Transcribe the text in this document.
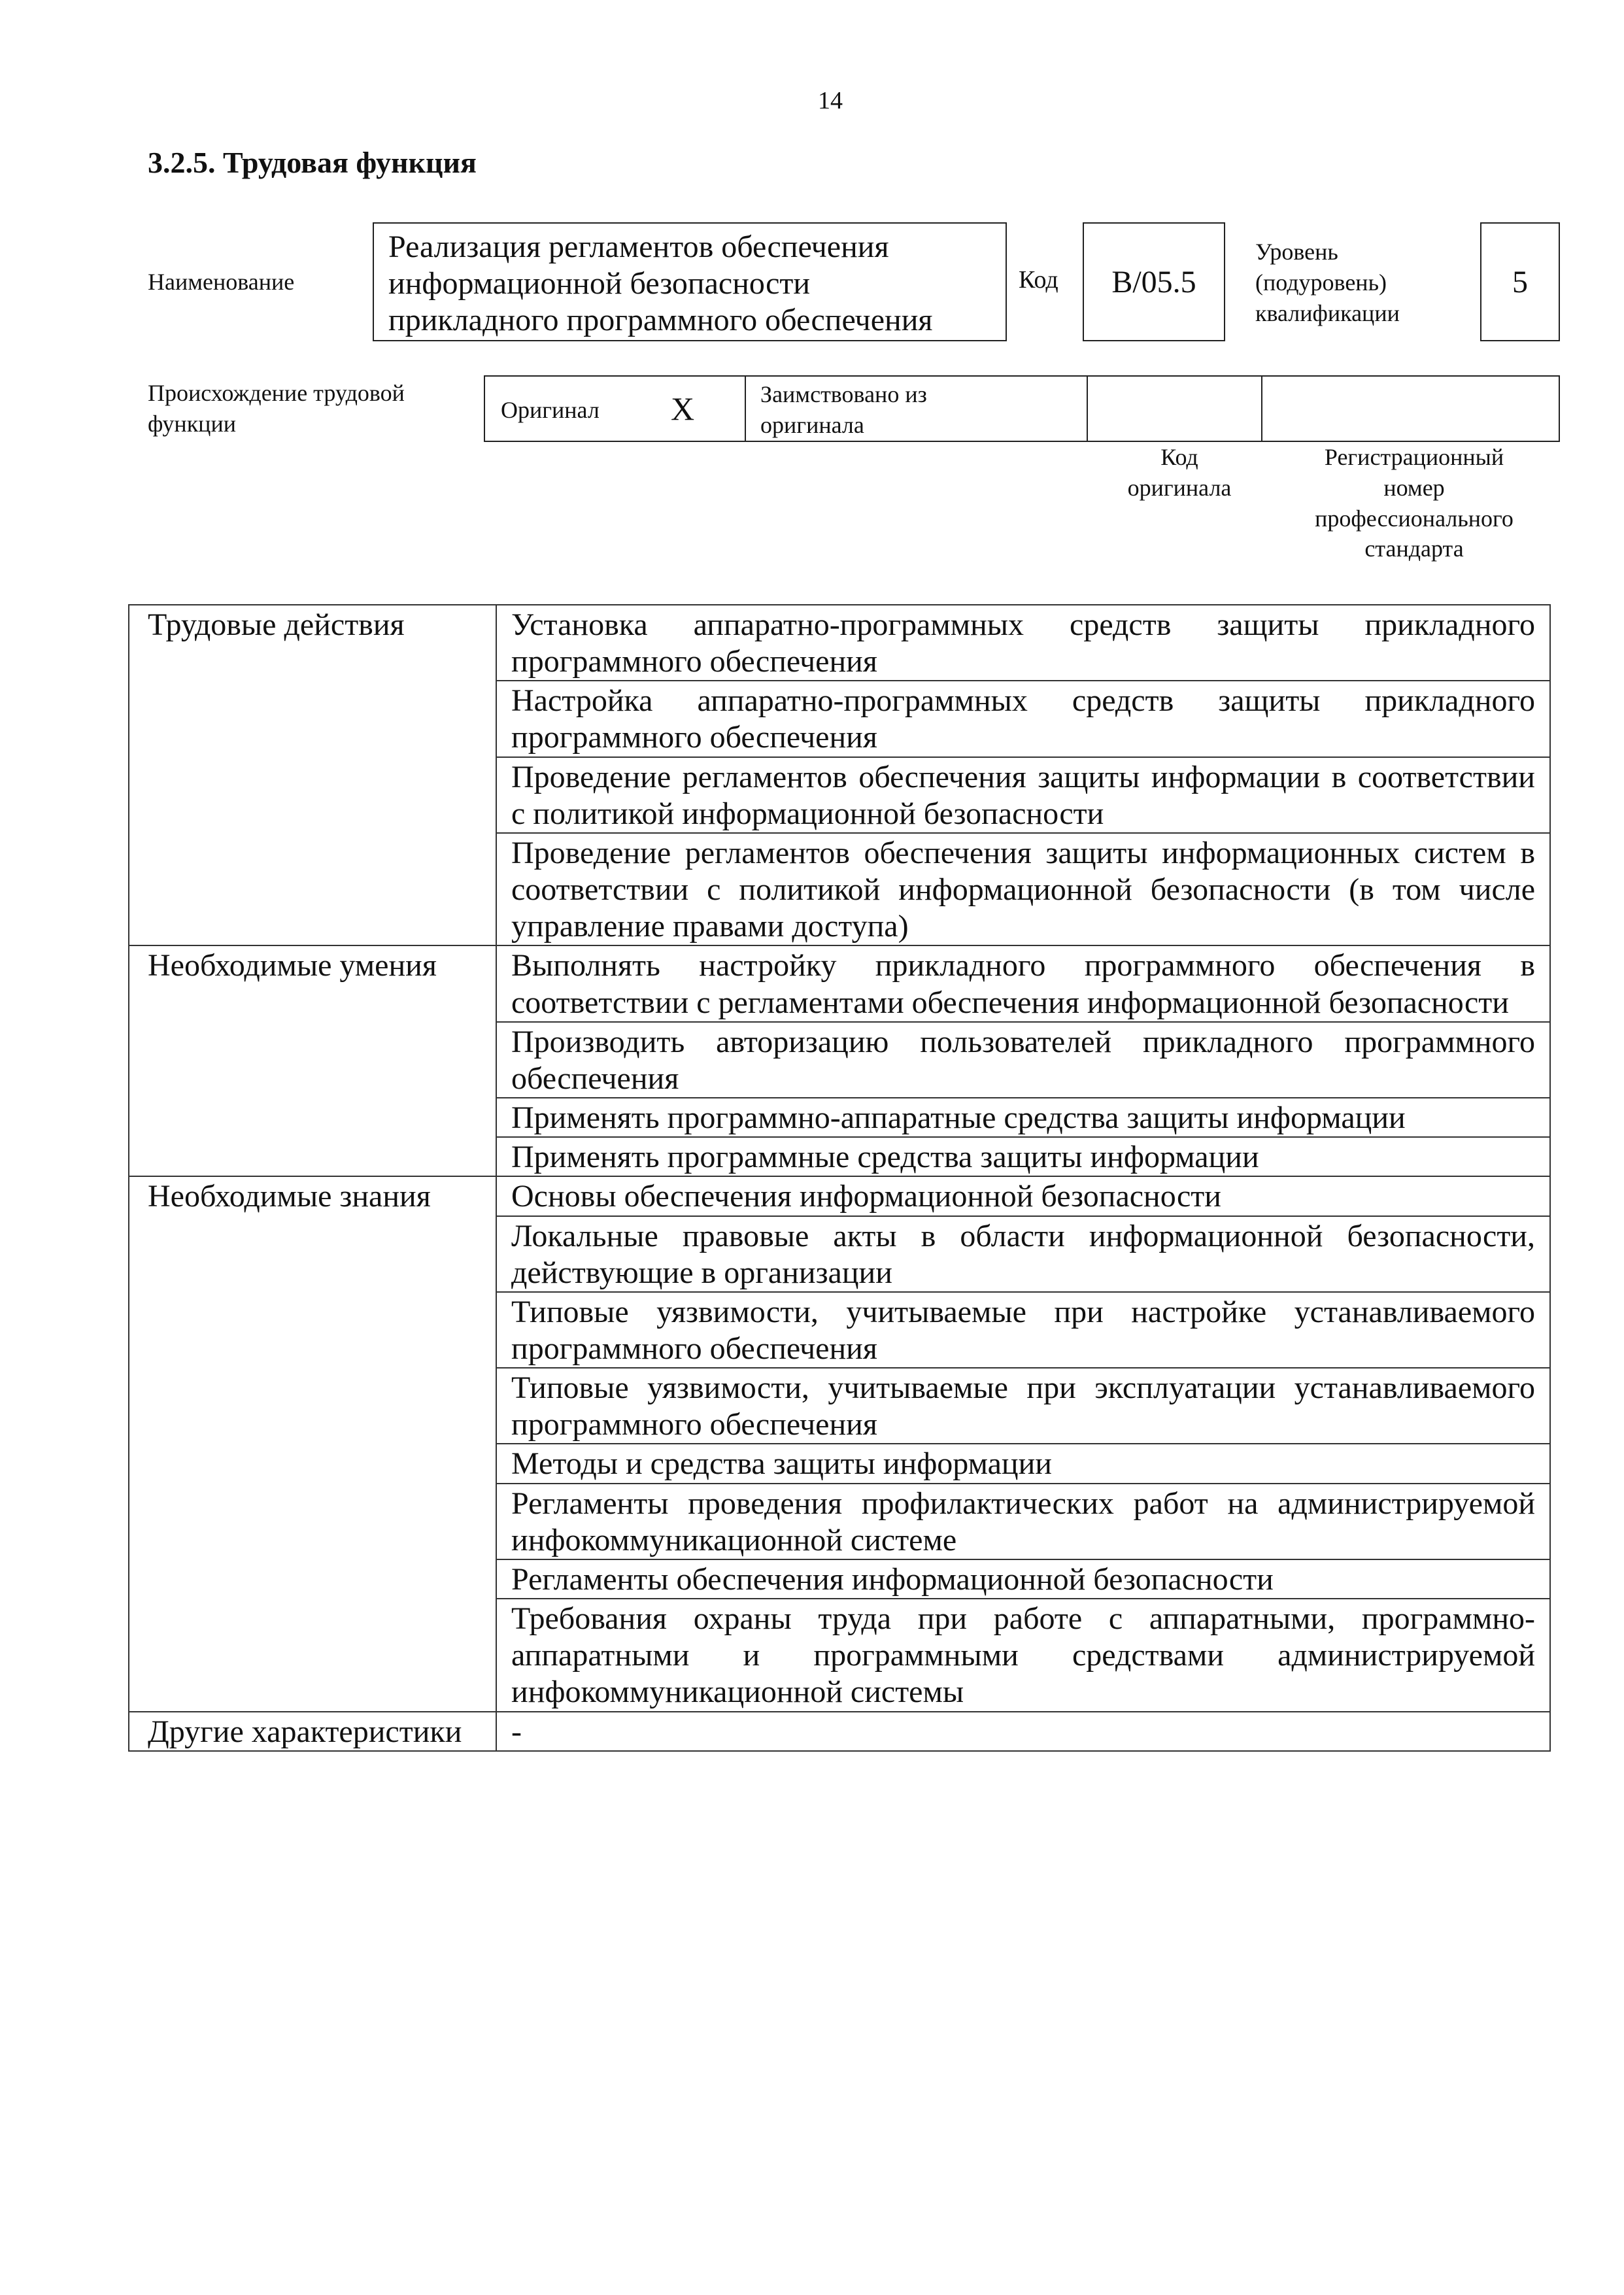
14
3.2.5. Трудовая функция
Наименование
Реализация регламентов обеспечения
информационной безопасности
прикладного программного обеспечения
Код B/05.5
Уровень
(подуровень)
квалификации
5
Происхождение трудовой
функции
Оригинал X	Заимствовано из
оригинала
Код
оригинала
Регистрационный
номер
профессионального
стандарта
Трудовые действия	Установка аппаратно-программных средств защиты прикладного программного обеспечения
	Настройка аппаратно-программных средств защиты прикладного программного обеспечения
	Проведение регламентов обеспечения защиты информации в соответствии с политикой информационной безопасности
	Проведение регламентов обеспечения защиты информационных систем в соответствии с политикой информационной безопасности (в том числе управление правами доступа)
Необходимые умения	Выполнять настройку прикладного программного обеспечения в соответствии с регламентами обеспечения информационной безопасности
	Производить авторизацию пользователей прикладного программного обеспечения
	Применять программно-аппаратные средства защиты информации
	Применять программные средства защиты информации
Необходимые знания	Основы обеспечения информационной безопасности
	Локальные правовые акты в области информационной безопасности, действующие в организации
	Типовые уязвимости, учитываемые при настройке устанавливаемого программного обеспечения
	Типовые уязвимости, учитываемые при эксплуатации устанавливаемого программного обеспечения
	Методы и средства защиты информации
	Регламенты проведения профилактических работ на администрируемой инфокоммуникационной системе
	Регламенты обеспечения информационной безопасности
	Требования охраны труда при работе с аппаратными, программно-аппаратными и программными средствами администрируемой инфокоммуникационной системы
Другие характеристики	-
